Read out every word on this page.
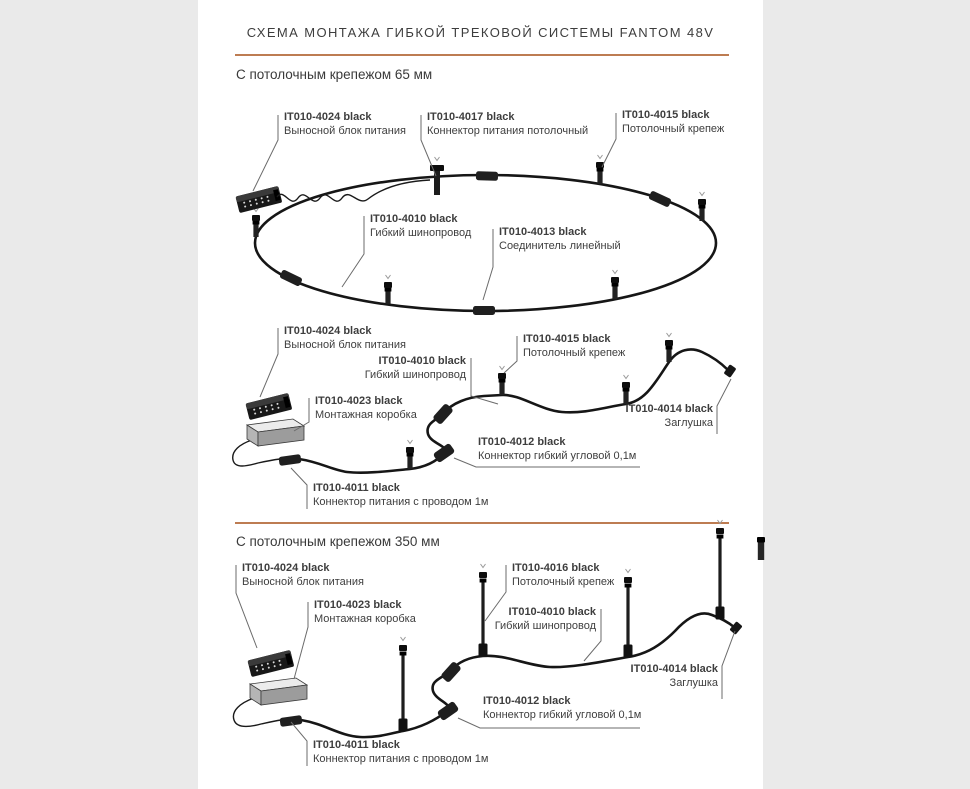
СХЕМА МОНТАЖА ГИБКОЙ ТРЕКОВОЙ СИСТЕМЫ FANTOM 48V
С потолочным крепежом 65 мм
С потолочным крепежом 350 мм
IT010-4024 black
Выносной блок питания
IT010-4017 black
Коннектор питания потолочный
IT010-4015 black
Потолочный крепеж
IT010-4010 black
Гибкий шинопровод	IT010-4013 black
Соединитель линейный
IT010-4024 black
Выносной блок питания
IT010-4010 black
Гибкий шинопровод
IT010-4023 black
Монтажная коробка
IT010-4015 black
Потолочный крепеж
IT010-4014 black
Заглушка
IT010-4012 black
Коннектор гибкий угловой 0,1м
IT010-4011 black
Коннектор питания с проводом 1м
IT010-4024 black
Выносной блок питания
IT010-4016 black
Потолочный крепеж
IT010-4023 black
Монтажная коробка
IT010-4010 black
Гибкий шинопровод
IT010-4014 black
Заглушка
IT010-4012 black
Коннектор гибкий угловой 0,1м
IT010-4011 black
Коннектор питания с проводом 1м
